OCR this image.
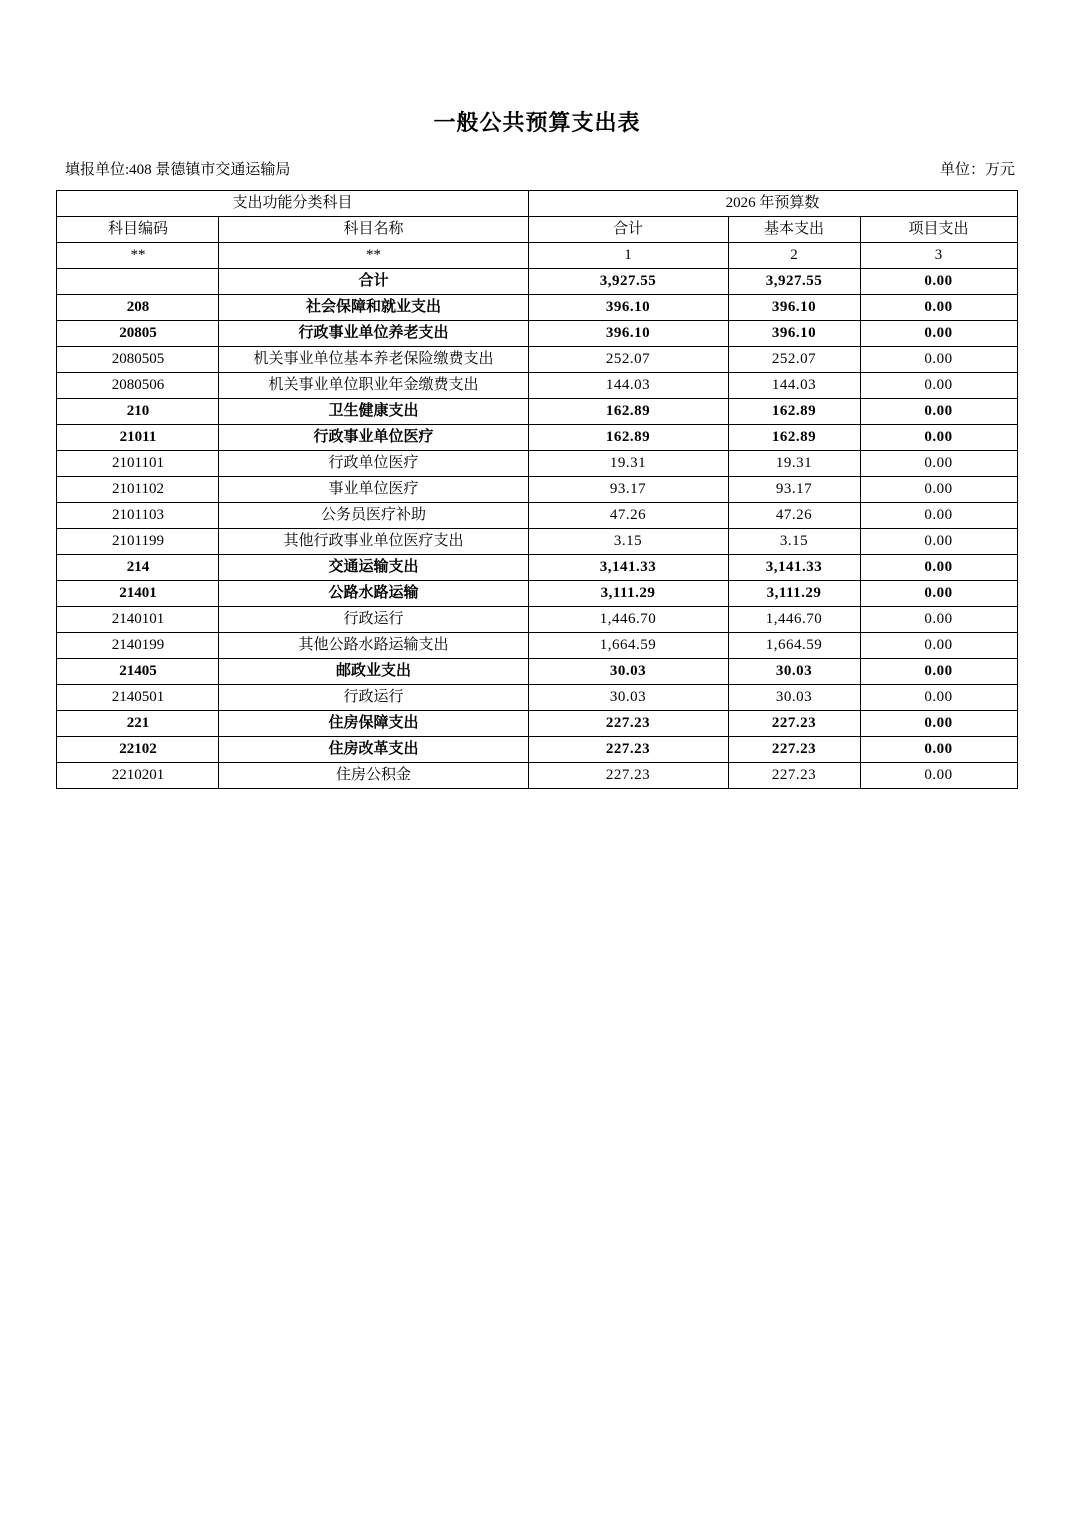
一般公共预算支出表
填报单位:408 景德镇市交通运输局	单位：万元
支出功能分类科目		2026 年预算数		
科目编码	科目名称	合计	基本支出	项目支出
**	**	1	2	3
	合计	3,927.55	3,927.55	0.00
208	社会保障和就业支出	396.10	396.10	0.00
20805	行政事业单位养老支出	396.10	396.10	0.00
2080505	机关事业单位基本养老保险缴费支出	252.07	252.07	0.00
2080506	机关事业单位职业年金缴费支出	144.03	144.03	0.00
210	卫生健康支出	162.89	162.89	0.00
21011	行政事业单位医疗	162.89	162.89	0.00
2101101	行政单位医疗	19.31	19.31	0.00
2101102	事业单位医疗	93.17	93.17	0.00
2101103	公务员医疗补助	47.26	47.26	0.00
2101199	其他行政事业单位医疗支出	3.15	3.15	0.00
214	交通运输支出	3,141.33	3,141.33	0.00
21401	公路水路运输	3,111.29	3,111.29	0.00
2140101	行政运行	1,446.70	1,446.70	0.00
2140199	其他公路水路运输支出	1,664.59	1,664.59	0.00
21405	邮政业支出	30.03	30.03	0.00
2140501	行政运行	30.03	30.03	0.00
221	住房保障支出	227.23	227.23	0.00
22102	住房改革支出	227.23	227.23	0.00
2210201	住房公积金	227.23	227.23	0.00
